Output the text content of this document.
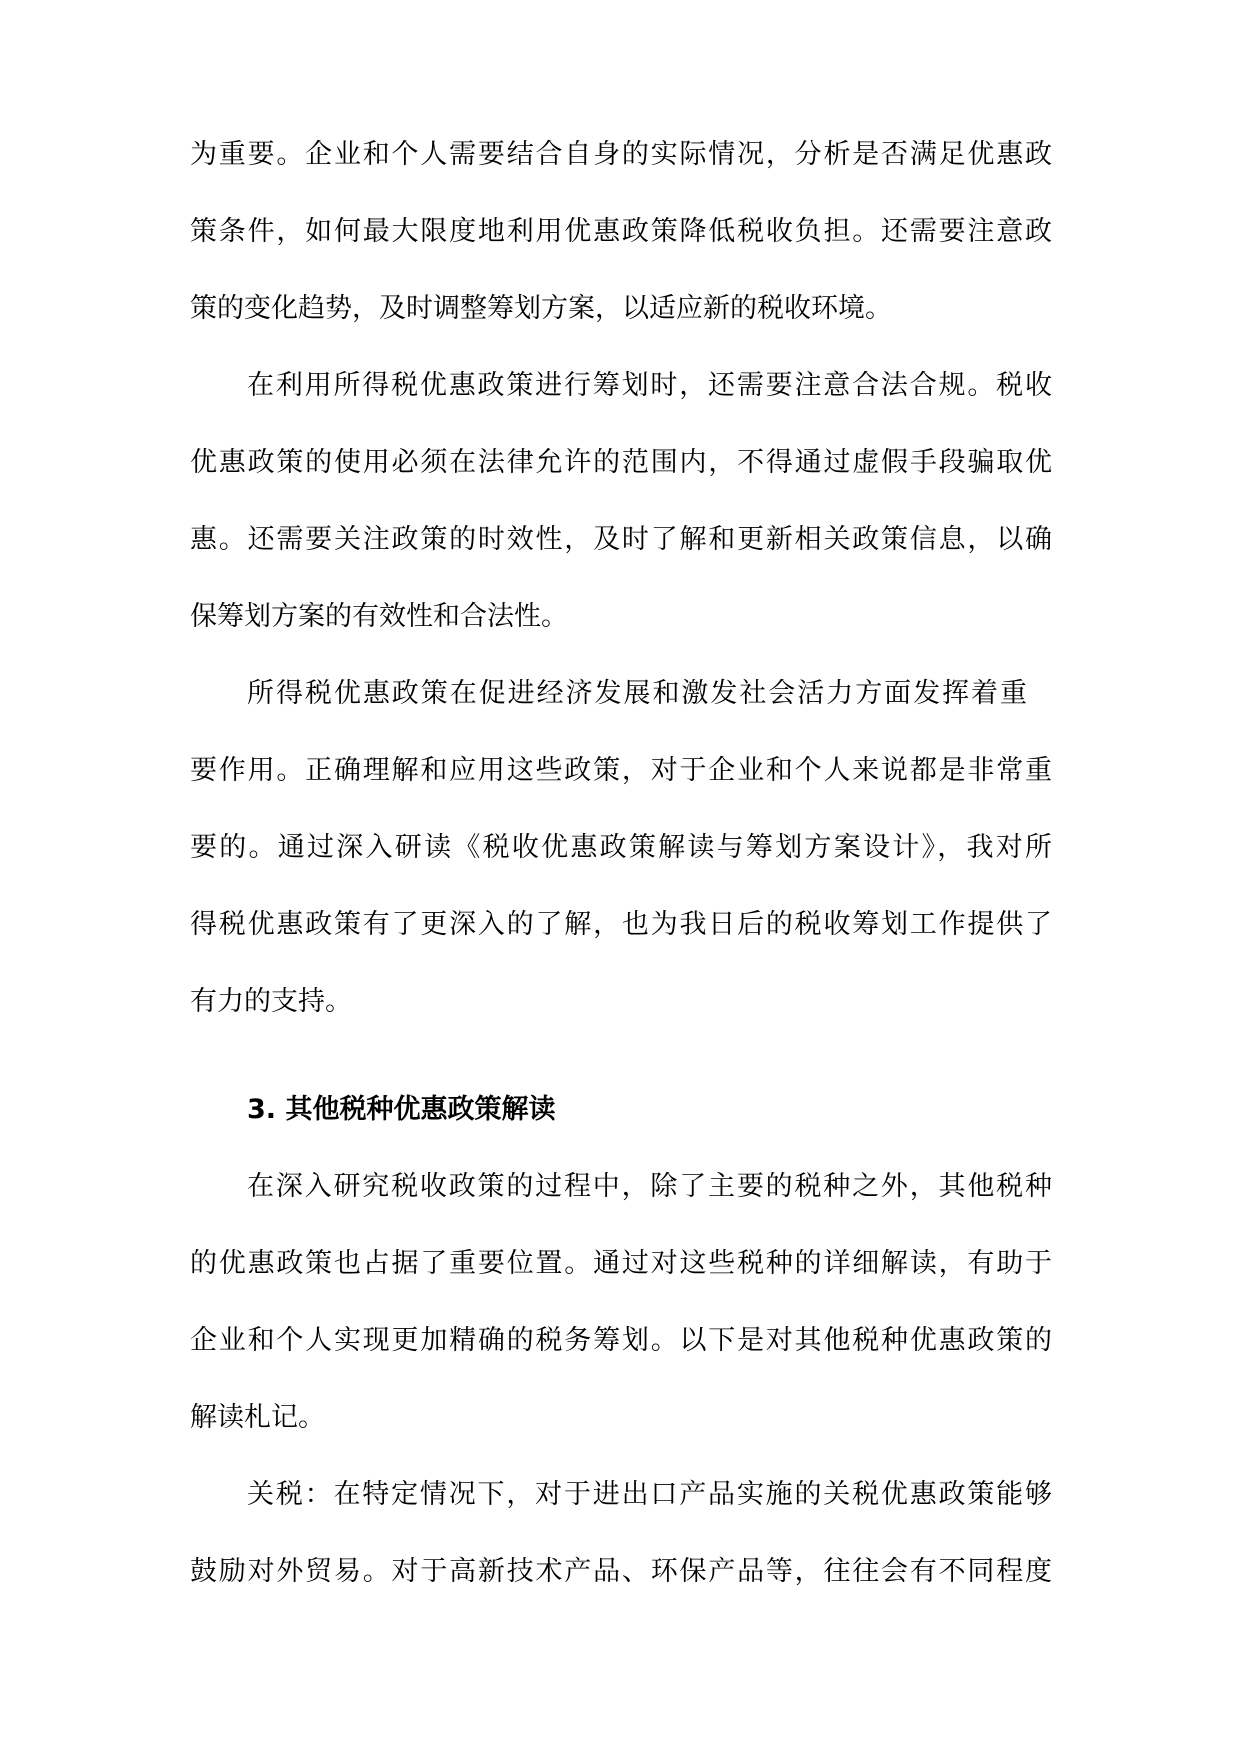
为重要。企业和个人需要结合自身的实际情况，分析是否满足优惠政
策条件，如何最大限度地利用优惠政策降低税收负担。还需要注意政
策的变化趋势，及时调整筹划方案，以适应新的税收环境。
在利用所得税优惠政策进行筹划时，还需要注意合法合规。税收
优惠政策的使用必须在法律允许的范围内，不得通过虚假手段骗取优
惠。还需要关注政策的时效性，及时了解和更新相关政策信息，以确
保筹划方案的有效性和合法性。
所得税优惠政策在促进经济发展和激发社会活力方面发挥着重
要作用。正确理解和应用这些政策，对于企业和个人来说都是非常重
要的。通过深入研读《税收优惠政策解读与筹划方案设计》，我对所
得税优惠政策有了更深入的了解，也为我日后的税收筹划工作提供了
有力的支持。
3. 其他税种优惠政策解读
在深入研究税收政策的过程中，除了主要的税种之外，其他税种
的优惠政策也占据了重要位置。通过对这些税种的详细解读，有助于
企业和个人实现更加精确的税务筹划。以下是对其他税种优惠政策的
解读札记。
关税：在特定情况下，对于进出口产品实施的关税优惠政策能够
鼓励对外贸易。对于高新技术产品、环保产品等，往往会有不同程度
